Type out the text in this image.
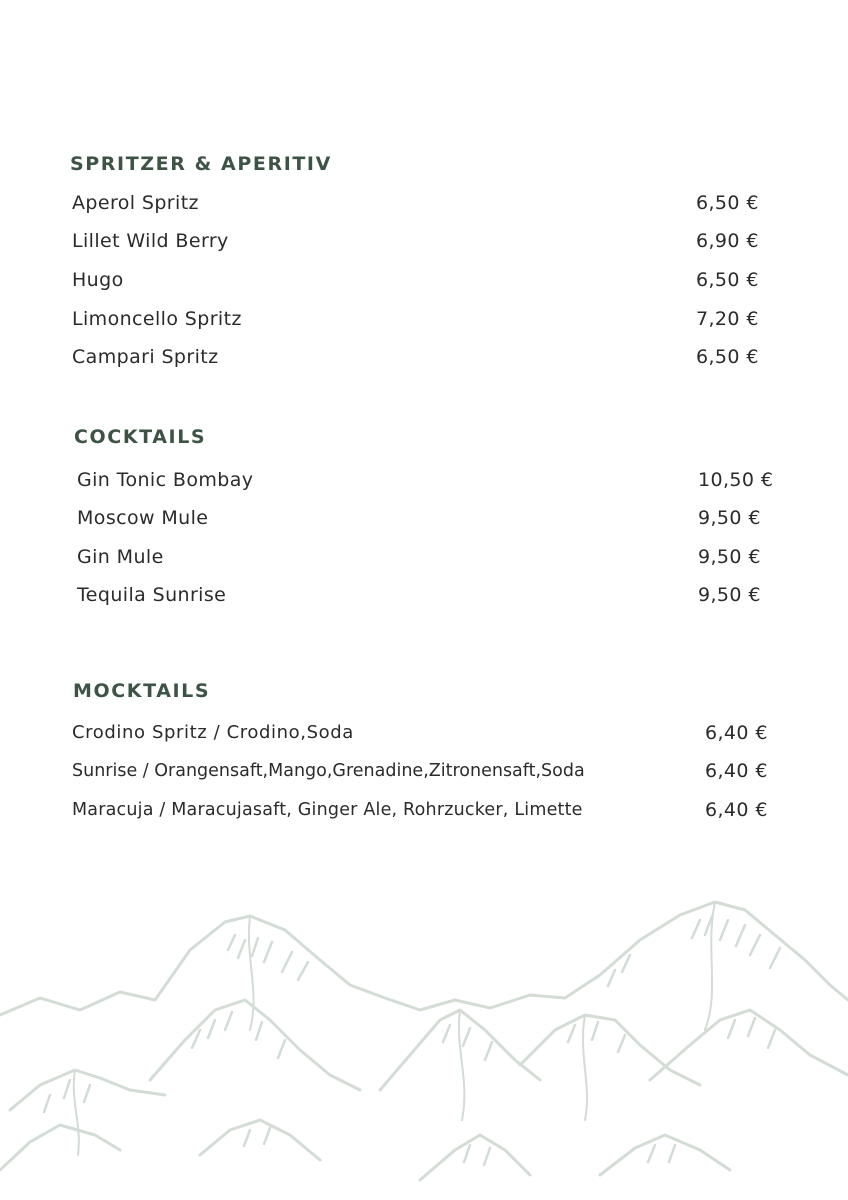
SPRITZER & APERITIV
Aperol Spritz	6,50 €
Lillet Wild Berry	6,90 €
Hugo	6,50 €
Limoncello Spritz	7,20 €
Campari Spritz	6,50 €
COCKTAILS
Gin Tonic Bombay	10,50 €
Moscow Mule	9,50 €
Gin Mule	9,50 €
Tequila Sunrise	9,50 €
MOCKTAILS
Crodino Spritz / Crodino,Soda	6,40 €
Sunrise / Orangensaft,Mango,Grenadine,Zitronensaft,Soda	6,40 €
Maracuja / Maracujasaft, Ginger Ale, Rohrzucker, Limette	6,40 €
